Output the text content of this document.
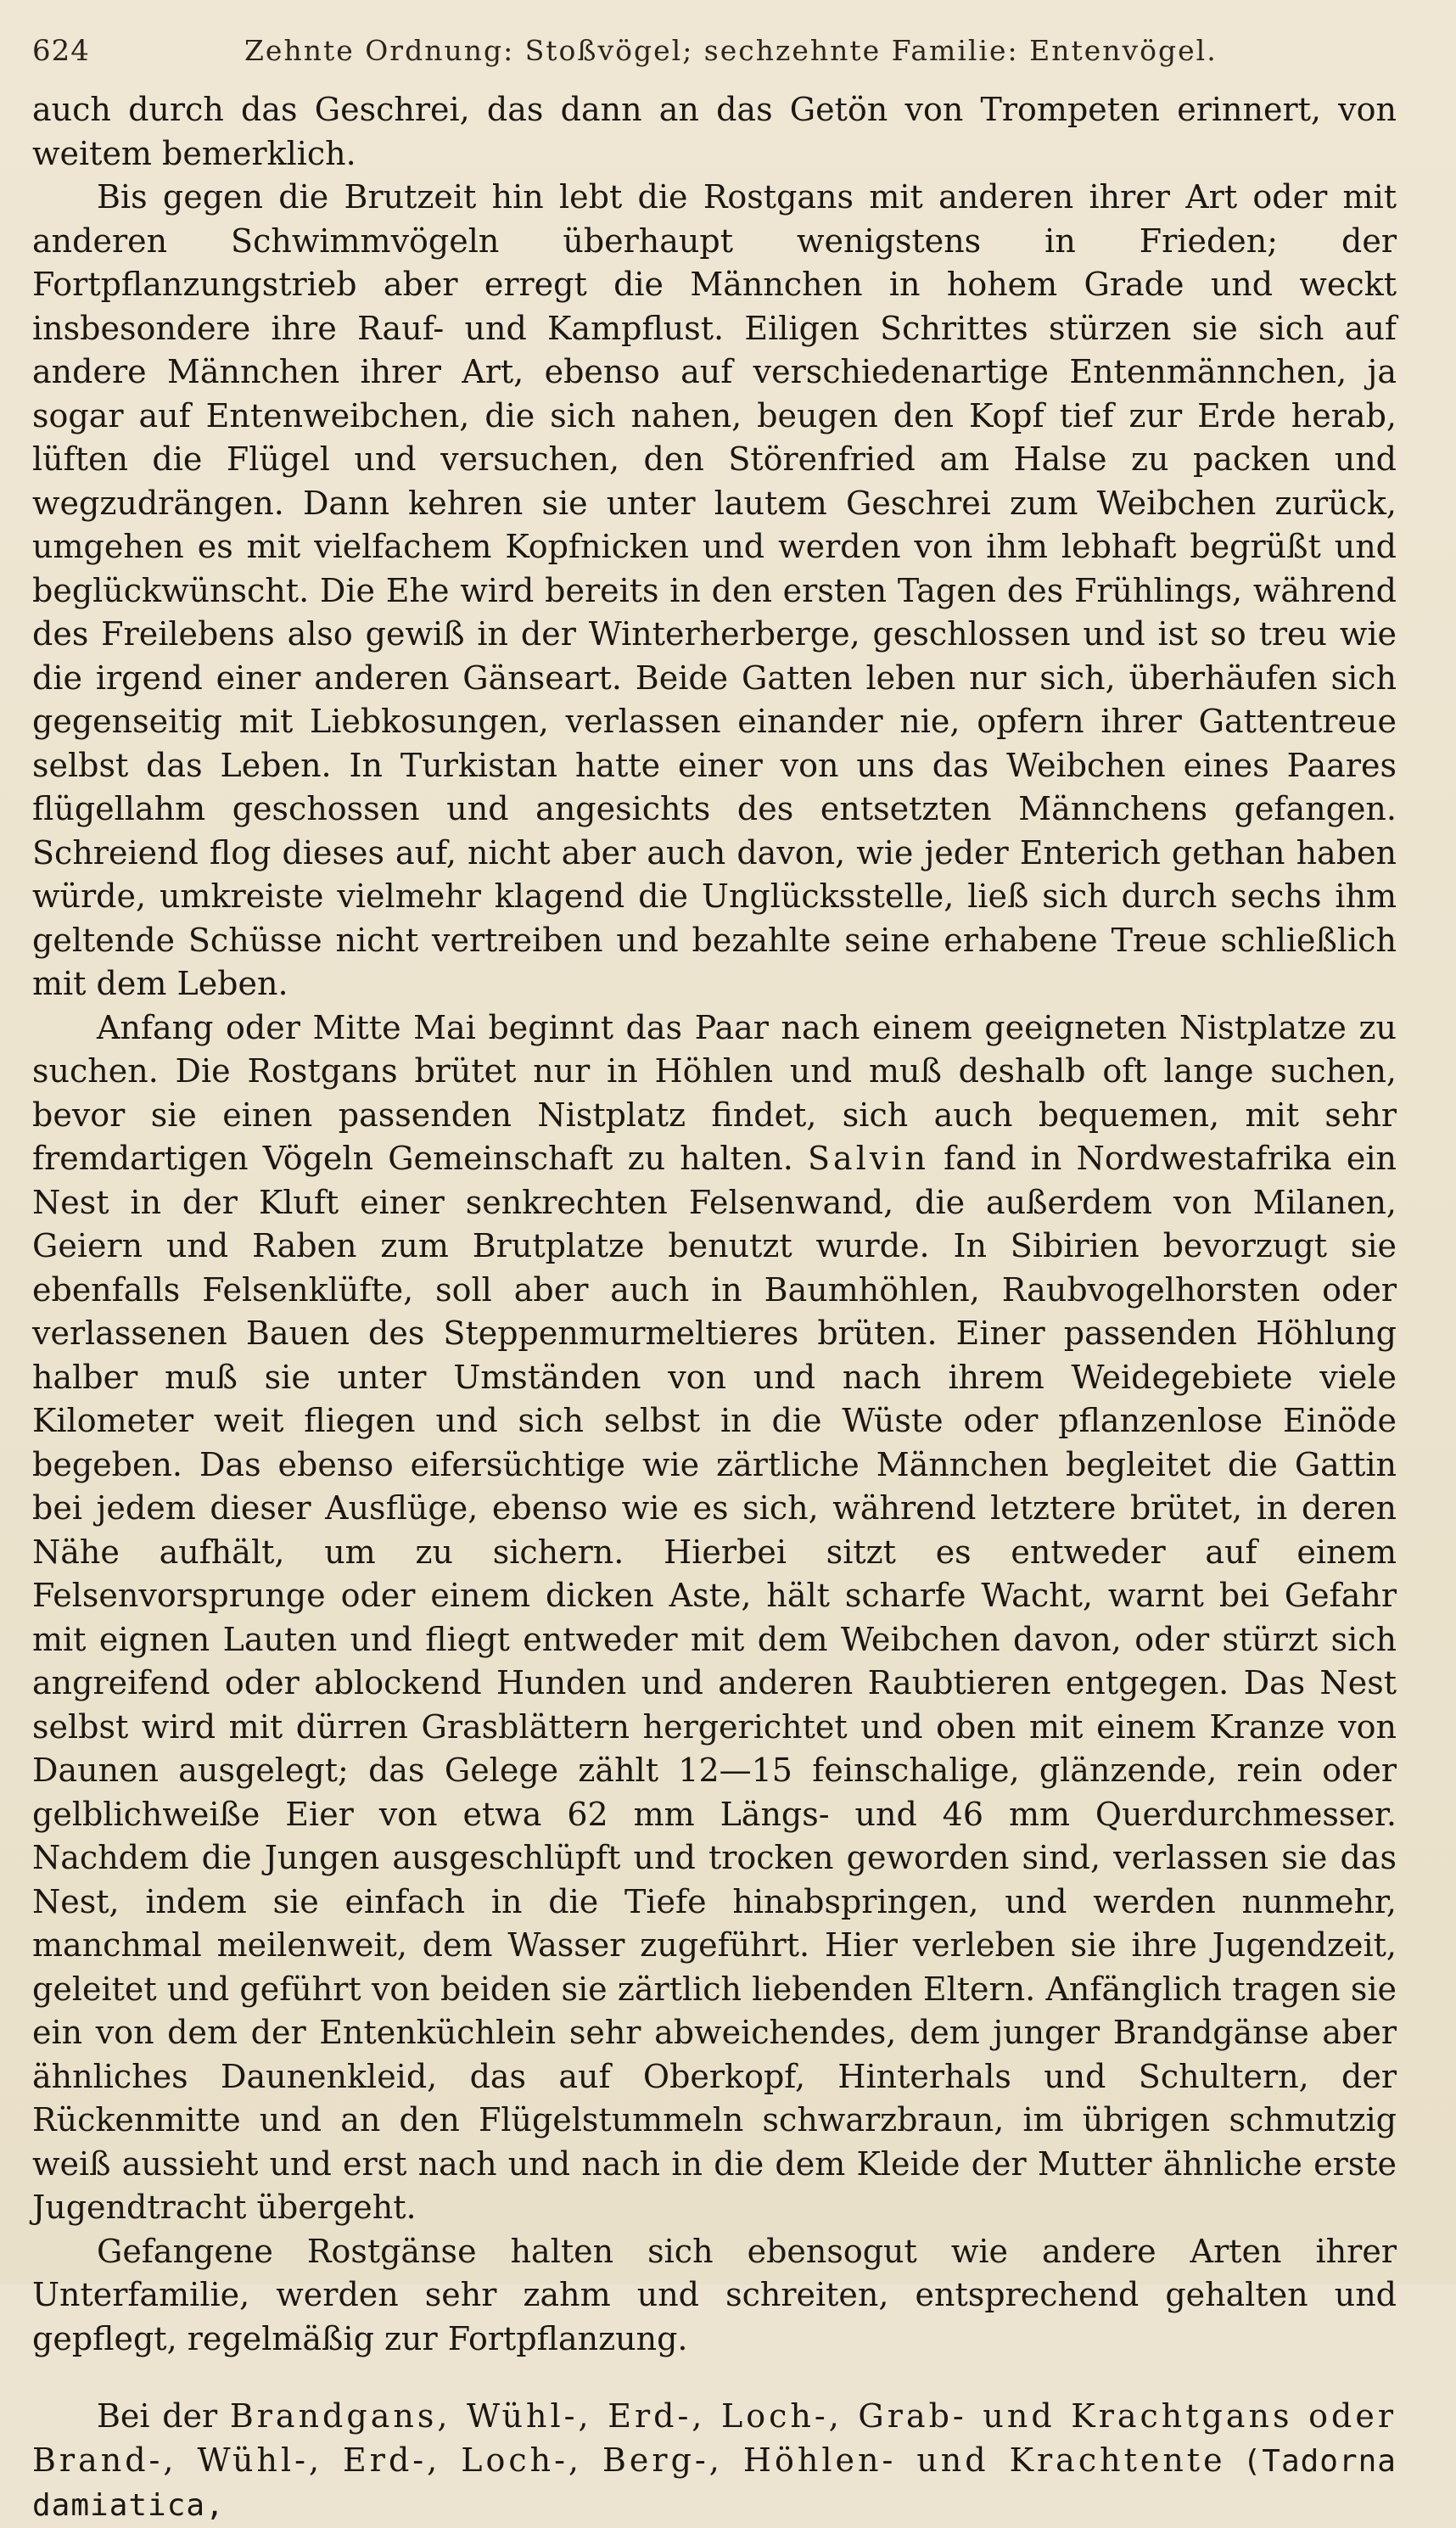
624	Zehnte Ordnung: Stoßvögel; sechzehnte Familie: Entenvögel.

auch durch das Geschrei, das dann an das Getön von Trompeten erinnert, von weitem bemerklich.

Bis gegen die Brutzeit hin lebt die Rostgans mit anderen ihrer Art oder mit anderen Schwimmvögeln überhaupt wenigstens in Frieden; der Fortpflanzungstrieb aber erregt die Männchen in hohem Grade und weckt insbesondere ihre Rauf- und Kampflust. Eiligen Schrittes stürzen sie sich auf andere Männchen ihrer Art, ebenso auf verschiedenartige Entenmännchen, ja sogar auf Entenweibchen, die sich nahen, beugen den Kopf tief zur Erde herab, lüften die Flügel und versuchen, den Störenfried am Halse zu packen und wegzudrängen. Dann kehren sie unter lautem Geschrei zum Weibchen zurück, umgehen es mit vielfachem Kopfnicken und werden von ihm lebhaft begrüßt und beglückwünscht. Die Ehe wird bereits in den ersten Tagen des Frühlings, während des Freilebens also gewiß in der Winterherberge, geschlossen und ist so treu wie die irgend einer anderen Gänseart. Beide Gatten leben nur sich, überhäufen sich gegenseitig mit Liebkosungen, verlassen einander nie, opfern ihrer Gattentreue selbst das Leben. In Turkistan hatte einer von uns das Weibchen eines Paares flügellahm geschossen und angesichts des entsetzten Männchens gefangen. Schreiend flog dieses auf, nicht aber auch davon, wie jeder Enterich gethan haben würde, umkreiste vielmehr klagend die Unglücksstelle, ließ sich durch sechs ihm geltende Schüsse nicht vertreiben und bezahlte seine erhabene Treue schließlich mit dem Leben.

Anfang oder Mitte Mai beginnt das Paar nach einem geeigneten Nistplatze zu suchen. Die Rostgans brütet nur in Höhlen und muß deshalb oft lange suchen, bevor sie einen passenden Nistplatz findet, sich auch bequemen, mit sehr fremdartigen Vögeln Gemeinschaft zu halten. Salvin fand in Nordwestafrika ein Nest in der Kluft einer senkrechten Felsenwand, die außerdem von Milanen, Geiern und Raben zum Brutplatze benutzt wurde. In Sibirien bevorzugt sie ebenfalls Felsenklüfte, soll aber auch in Baumhöhlen, Raubvogelhorsten oder verlassenen Bauen des Steppenmurmeltieres brüten. Einer passenden Höhlung halber muß sie unter Umständen von und nach ihrem Weidegebiete viele Kilometer weit fliegen und sich selbst in die Wüste oder pflanzenlose Einöde begeben. Das ebenso eifersüchtige wie zärtliche Männchen begleitet die Gattin bei jedem dieser Ausflüge, ebenso wie es sich, während letztere brütet, in deren Nähe aufhält, um zu sichern. Hierbei sitzt es entweder auf einem Felsenvorsprunge oder einem dicken Aste, hält scharfe Wacht, warnt bei Gefahr mit eignen Lauten und fliegt entweder mit dem Weibchen davon, oder stürzt sich angreifend oder ablockend Hunden und anderen Raubtieren entgegen. Das Nest selbst wird mit dürren Grasblättern hergerichtet und oben mit einem Kranze von Daunen ausgelegt; das Gelege zählt 12—15 feinschalige, glänzende, rein oder gelblichweiße Eier von etwa 62 mm Längs- und 46 mm Querdurchmesser. Nachdem die Jungen ausgeschlüpft und trocken geworden sind, verlassen sie das Nest, indem sie einfach in die Tiefe hinabspringen, und werden nunmehr, manchmal meilenweit, dem Wasser zugeführt. Hier verleben sie ihre Jugendzeit, geleitet und geführt von beiden sie zärtlich liebenden Eltern. Anfänglich tragen sie ein von dem der Entenküchlein sehr abweichendes, dem junger Brandgänse aber ähnliches Daunenkleid, das auf Oberkopf, Hinterhals und Schultern, der Rückenmitte und an den Flügelstummeln schwarzbraun, im übrigen schmutzig weiß aussieht und erst nach und nach in die dem Kleide der Mutter ähnliche erste Jugendtracht übergeht.

Gefangene Rostgänse halten sich ebensogut wie andere Arten ihrer Unterfamilie, werden sehr zahm und schreiten, entsprechend gehalten und gepflegt, regelmäßig zur Fortpflanzung.

Bei der Brandgans, Wühl-, Erd-, Loch-, Grab- und Krachtgans oder Brand-, Wühl-, Erd-, Loch-, Berg-, Höhlen- und Krachtente (Tadorna damiatica,
